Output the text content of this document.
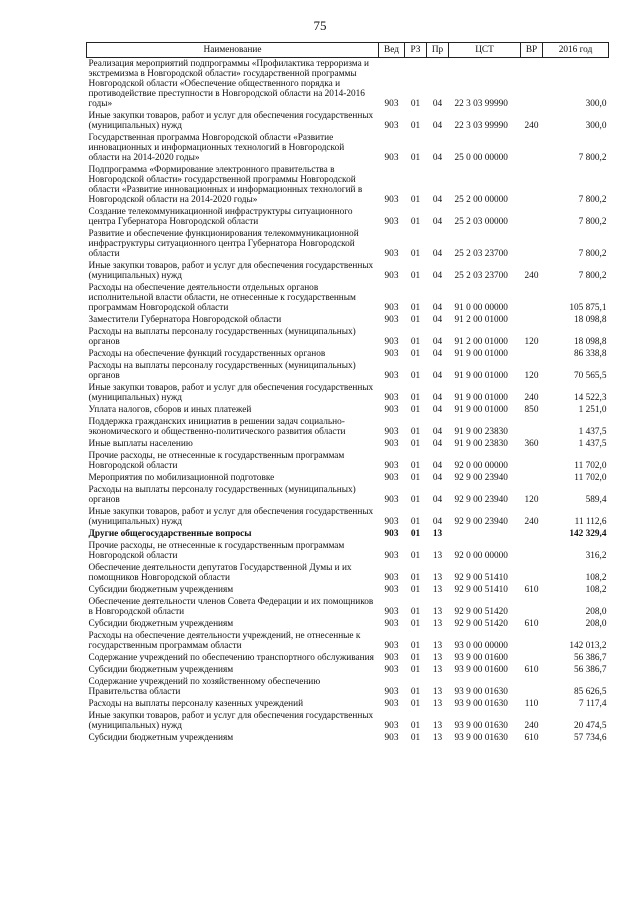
75
Наименование	Вед	РЗ	Пр	ЦСТ	ВР	2016 год
Реализация мероприятий подпрограммы «Профилактика терроризма и экстремизма в Новгородской области» государственной программы Новгородской области «Обеспечение общественного порядка и противодействие преступности в Новгородской области на 2014-2016 годы»	903	01	04	22 3 03 99990		300,0
Иные закупки товаров, работ и услуг для обеспечения государственных (муниципальных) нужд	903	01	04	22 3 03 99990	240	300,0
Государственная программа Новгородской области «Развитие инновационных и информационных технологий в Новгородской области на 2014-2020 годы»	903	01	04	25 0 00 00000		7 800,2
Подпрограмма «Формирование электронного правительства в Новгородской области» государственной программы Новгородской области «Развитие инновационных и информационных технологий в Новгородской области на 2014-2020 годы»	903	01	04	25 2 00 00000		7 800,2
Создание телекоммуникационной инфраструктуры ситуационного центра Губернатора Новгородской области	903	01	04	25 2 03 00000		7 800,2
Развитие и обеспечение функционирования телекоммуникационной инфраструктуры ситуационного центра Губернатора Новгородской области	903	01	04	25 2 03 23700		7 800,2
Иные закупки товаров, работ и услуг для обеспечения государственных (муниципальных) нужд	903	01	04	25 2 03 23700	240	7 800,2
Расходы на обеспечение деятельности отдельных органов исполнительной власти области, не отнесенные к государственным программам Новгородской области	903	01	04	91 0 00 00000		105 875,1
Заместители Губернатора Новгородской области	903	01	04	91 2 00 01000		18 098,8
Расходы на выплаты персоналу государственных (муниципальных) органов	903	01	04	91 2 00 01000	120	18 098,8
Расходы на обеспечение функций государственных органов	903	01	04	91 9 00 01000		86 338,8
Расходы на выплаты персоналу государственных (муниципальных) органов	903	01	04	91 9 00 01000	120	70 565,5
Иные закупки товаров, работ и услуг для обеспечения государственных (муниципальных) нужд	903	01	04	91 9 00 01000	240	14 522,3
Уплата налогов, сборов и иных платежей	903	01	04	91 9 00 01000	850	1 251,0
Поддержка гражданских инициатив в решении задач социально-экономического и общественно-политического развития области	903	01	04	91 9 00 23830		1 437,5
Иные выплаты населению	903	01	04	91 9 00 23830	360	1 437,5
Прочие расходы, не отнесенные к государственным программам Новгородской области	903	01	04	92 0 00 00000		11 702,0
Мероприятия по мобилизационной подготовке	903	01	04	92 9 00 23940		11 702,0
Расходы на выплаты персоналу государственных (муниципальных) органов	903	01	04	92 9 00 23940	120	589,4
Иные закупки товаров, работ и услуг для обеспечения государственных (муниципальных) нужд	903	01	04	92 9 00 23940	240	11 112,6
Другие общегосударственные вопросы	903	01	13			142 329,4
Прочие расходы, не отнесенные к государственным программам Новгородской области	903	01	13	92 0 00 00000		316,2
Обеспечение деятельности депутатов Государственной Думы и их помощников Новгородской области	903	01	13	92 9 00 51410		108,2
Субсидии бюджетным учреждениям	903	01	13	92 9 00 51410	610	108,2
Обеспечение деятельности членов Совета Федерации и их помощников в Новгородской области	903	01	13	92 9 00 51420		208,0
Субсидии бюджетным учреждениям	903	01	13	92 9 00 51420	610	208,0
Расходы на обеспечение деятельности учреждений, не отнесенные к государственным программам области	903	01	13	93 0 00 00000		142 013,2
Содержание учреждений по обеспечению транспортного обслуживания	903	01	13	93 9 00 01600		56 386,7
Субсидии бюджетным учреждениям	903	01	13	93 9 00 01600	610	56 386,7
Содержание учреждений по хозяйственному обеспечению Правительства области	903	01	13	93 9 00 01630		85 626,5
Расходы на выплаты персоналу казенных учреждений	903	01	13	93 9 00 01630	110	7 117,4
Иные закупки товаров, работ и услуг для обеспечения государственных (муниципальных) нужд	903	01	13	93 9 00 01630	240	20 474,5
Субсидии бюджетным учреждениям	903	01	13	93 9 00 01630	610	57 734,6
